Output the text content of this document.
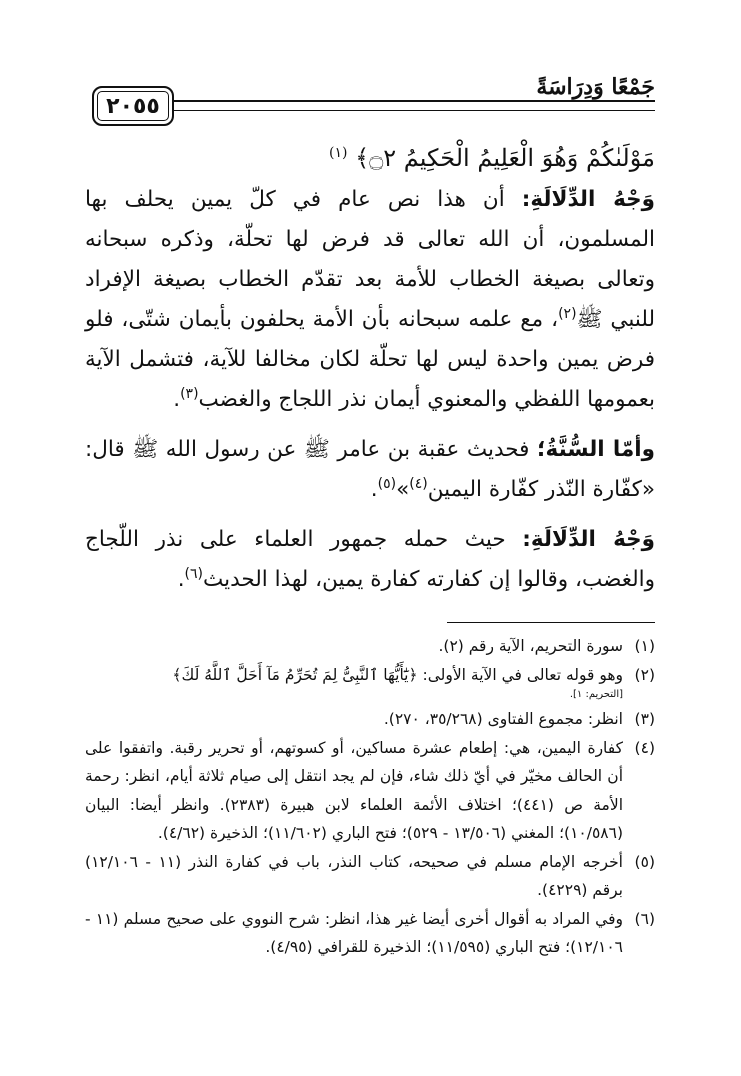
جَمْعًا وَدِرَاسَةً
٢٠٥٥
مَوْلَىٰكُمْ وَهُوَ الْعَلِيمُ الْحَكِيمُ ۝٢﴾ $^{(١)}$

وَجْهُ الدِّلَالَةِ: أن هذا نص عام في كلّ يمين يحلف بها المسلمون، أن الله تعالى قد فرض لها تحلّة، وذكره سبحانه وتعالى بصيغة الخطاب للأمة بعد تقدّم الخطاب بصيغة الإفراد للنبي ﷺ$^{(٢)}$، مع علمه سبحانه بأن الأمة يحلفون بأيمان شتّى، فلو فرض يمين واحدة ليس لها تحلّة لكان مخالفا للآية، فتشمل الآية بعمومها اللفظي والمعنوي أيمان نذر اللجاج والغضب$^{(٣)}$.

وأمّا السُّنَّةُ؛ فحديث عقبة بن عامر ﷺ عن رسول الله ﷺ قال: «كفّارة النّذر كفّارة اليمين$^{(٤)}$»$^{(٥)}$.

وَجْهُ الدِّلَالَةِ: حيث حمله جمهور العلماء على نذر اللّجاج والغضب، وقالوا إن كفارته كفارة يمين، لهذا الحديث$^{(٦)}$.

(١)
سورة التحريم، الآية رقم (٢).
(٢)
وهو قوله تعالى في الآية الأولى: ﴿يَٰٓأَيُّهَا ٱلنَّبِىُّ لِمَ تُحَرِّمُ مَآ أَحَلَّ ٱللَّهُ لَكَ﴾
[التحريم: ١].
(٣)
انظر: مجموع الفتاوى (٣٥/٢٦٨، ٢٧٠).
(٤)
كفارة اليمين، هي: إطعام عشرة مساكين، أو كسوتهم، أو تحرير رقبة. واتفقوا على أن الحالف مخيّر في أيّ ذلك شاء، فإن لم يجد انتقل إلى صيام ثلاثة أيام، انظر: رحمة الأمة ص (٤٤١)؛ اختلاف الأئمة العلماء لابن هبيرة (٢٣٨٣). وانظر أيضا: البيان (١٠/٥٨٦)؛ المغني (١٣/٥٠٦ - ٥٢٩)؛ فتح الباري (١١/٦٠٢)؛ الذخيرة (٤/٦٢).
(٥)
أخرجه الإمام مسلم في صحيحه، كتاب النذر، باب في كفارة النذر (١١ - ١٢/١٠٦) برقم (٤٢٢٩).
(٦)
وفي المراد به أقوال أخرى أيضا غير هذا، انظر: شرح النووي على صحيح مسلم (١١ - ١٢/١٠٦)؛ فتح الباري (١١/٥٩٥)؛ الذخيرة للقرافي (٤/٩٥).
